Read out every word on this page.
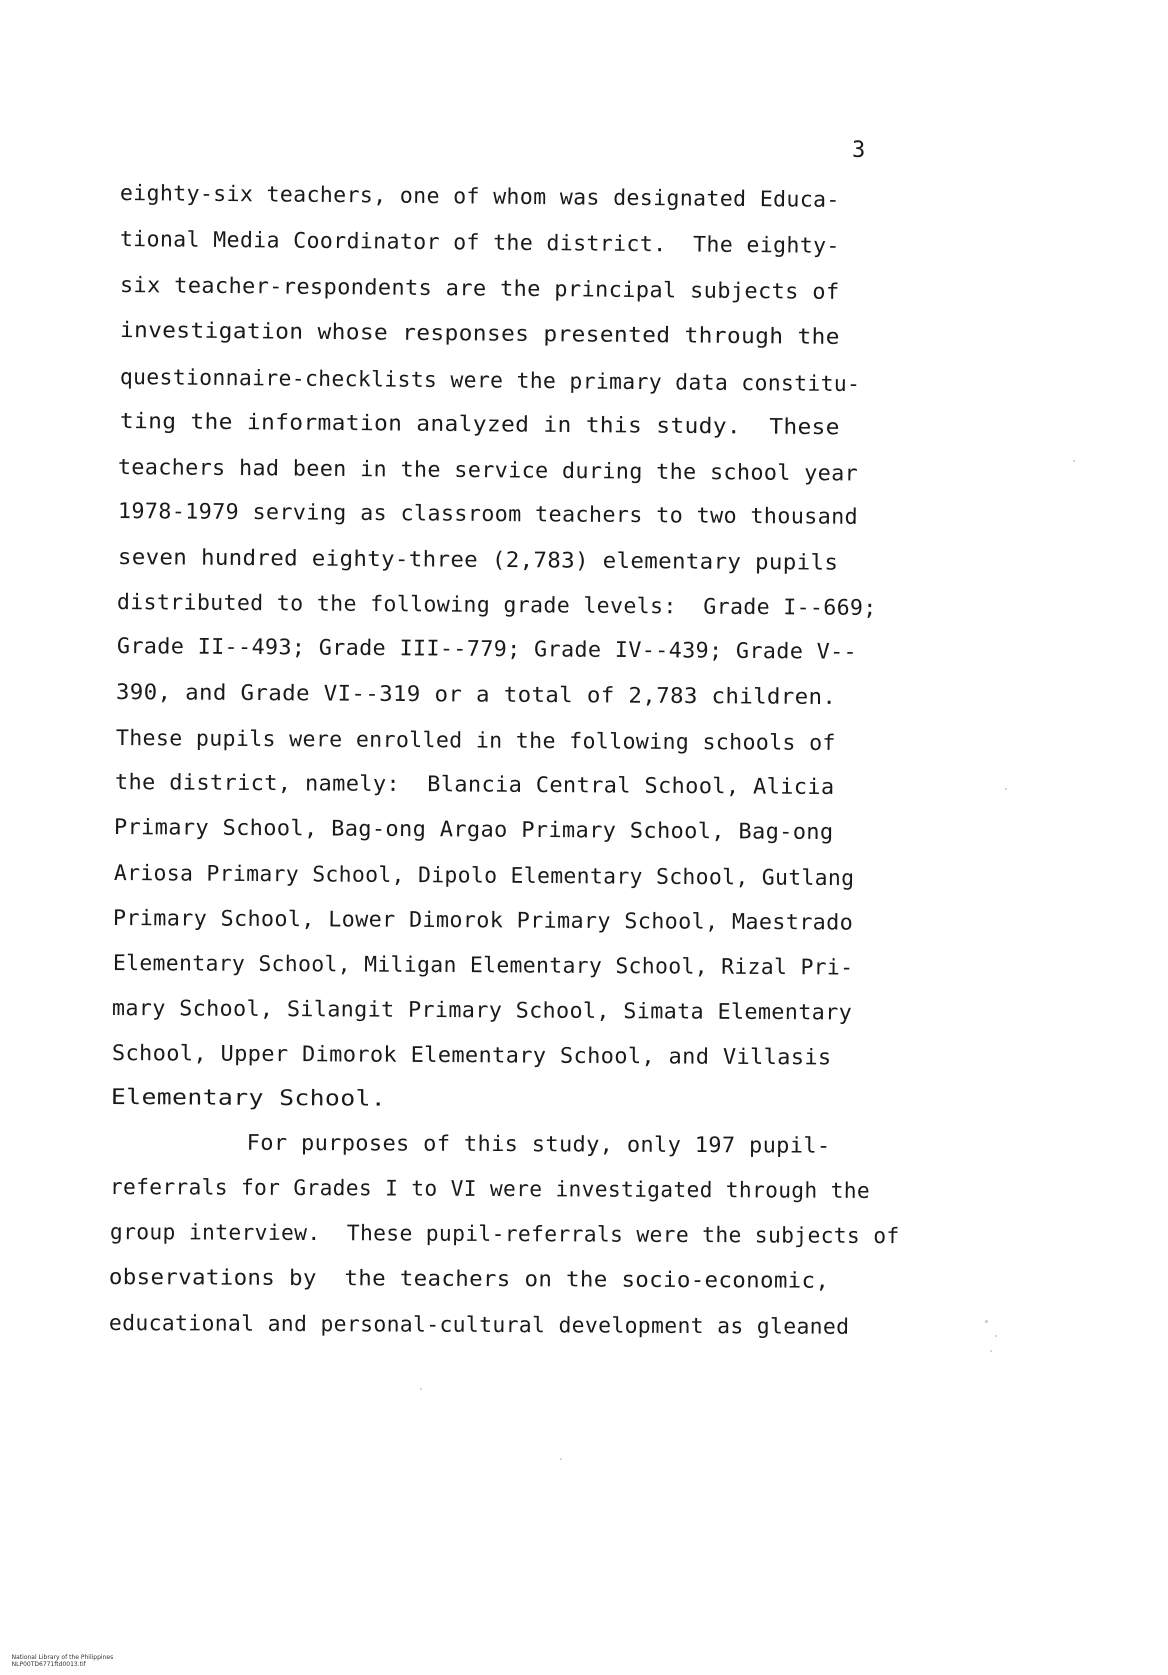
3
eighty-six teachers, one of whom was designated Educa-
tional Media Coordinator of the district.  The eighty-
six teacher-respondents are the principal subjects of
investigation whose responses presented through the
questionnaire-checklists were the primary data constitu-
ting the information analyzed in this study.  These
teachers had been in the service during the school year
1978-1979 serving as classroom teachers to two thousand
seven hundred eighty-three (2,783) elementary pupils
distributed to the following grade levels:  Grade I--669;
Grade II--493; Grade III--779; Grade IV--439; Grade V--
390, and Grade VI--319 or a total of 2,783 children.
These pupils were enrolled in the following schools of
the district, namely:  Blancia Central School, Alicia
Primary School, Bag-ong Argao Primary School, Bag-ong
Ariosa Primary School, Dipolo Elementary School, Gutlang
Primary School, Lower Dimorok Primary School, Maestrado
Elementary School, Miligan Elementary School, Rizal Pri-
mary School, Silangit Primary School, Simata Elementary
School, Upper Dimorok Elementary School, and Villasis
Elementary School.
For purposes of this study, only 197 pupil-
referrals for Grades I to VI were investigated through the
group interview.  These pupil-referrals were the subjects of
observations by  the teachers on the socio-economic,
educational and personal-cultural development as gleaned

National Library of the Philippines
NLP00TD6771ftd0013.tif
